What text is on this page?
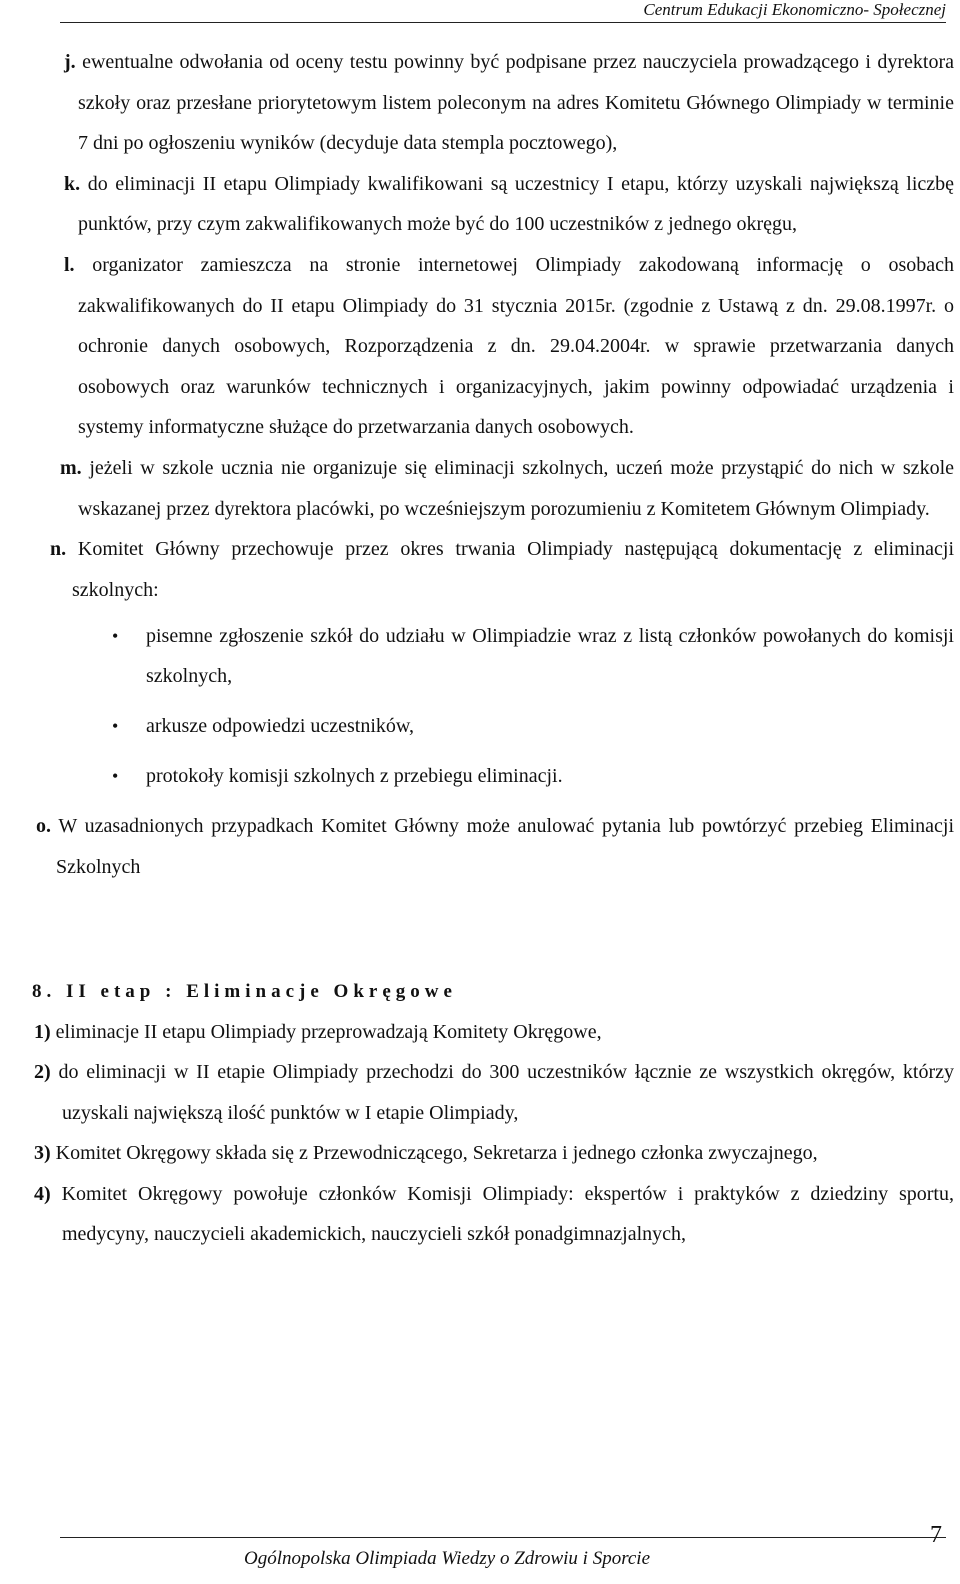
Centrum Edukacji Ekonomiczno- Społecznej

j. ewentualne odwołania od oceny testu powinny być podpisane przez nauczyciela prowadzącego i dyrektora szkoły oraz przesłane priorytetowym listem poleconym na adres Komitetu Głównego Olimpiady w terminie 7 dni po ogłoszeniu wyników (decyduje data stempla pocztowego),

k. do eliminacji II etapu Olimpiady kwalifikowani są uczestnicy I etapu, którzy uzyskali największą liczbę punktów, przy czym zakwalifikowanych może być do 100 uczestników z jednego okręgu,

l. organizator zamieszcza na stronie internetowej Olimpiady zakodowaną informację o osobach zakwalifikowanych do II etapu Olimpiady do 31 stycznia 2015r. (zgodnie z Ustawą z dn. 29.08.1997r. o ochronie danych osobowych, Rozporządzenia z dn. 29.04.2004r. w sprawie przetwarzania danych osobowych oraz warunków technicznych i organizacyjnych, jakim powinny odpowiadać urządzenia i systemy informatyczne służące do przetwarzania danych osobowych.

m. jeżeli w szkole ucznia nie organizuje się eliminacji szkolnych, uczeń może przystąpić do nich w szkole wskazanej przez dyrektora placówki, po wcześniejszym porozumieniu z Komitetem Głównym Olimpiady.

n. Komitet Główny przechowuje przez okres trwania Olimpiady następującą dokumentację z eliminacji szkolnych:

• pisemne zgłoszenie szkół do udziału w Olimpiadzie wraz z listą członków powołanych do komisji szkolnych,
• arkusze odpowiedzi uczestników,
• protokoły komisji szkolnych z przebiegu eliminacji.

o. W uzasadnionych przypadkach Komitet Główny może anulować pytania lub powtórzyć przebieg Eliminacji Szkolnych

8. II etap : Eliminacje Okręgowe

1) eliminacje II etapu Olimpiady przeprowadzają Komitety Okręgowe,

2) do eliminacji w II etapie Olimpiady przechodzi do 300 uczestników łącznie ze wszystkich okręgów, którzy uzyskali największą ilość punktów w I etapie Olimpiady,

3) Komitet Okręgowy składa się z Przewodniczącego, Sekretarza i jednego członka zwyczajnego,

4) Komitet Okręgowy powołuje członków Komisji Olimpiady: ekspertów i praktyków z dziedziny sportu, medycyny, nauczycieli akademickich, nauczycieli szkół ponadgimnazjalnych,

Ogólnopolska Olimpiada Wiedzy o Zdrowiu i Sporcie
7
